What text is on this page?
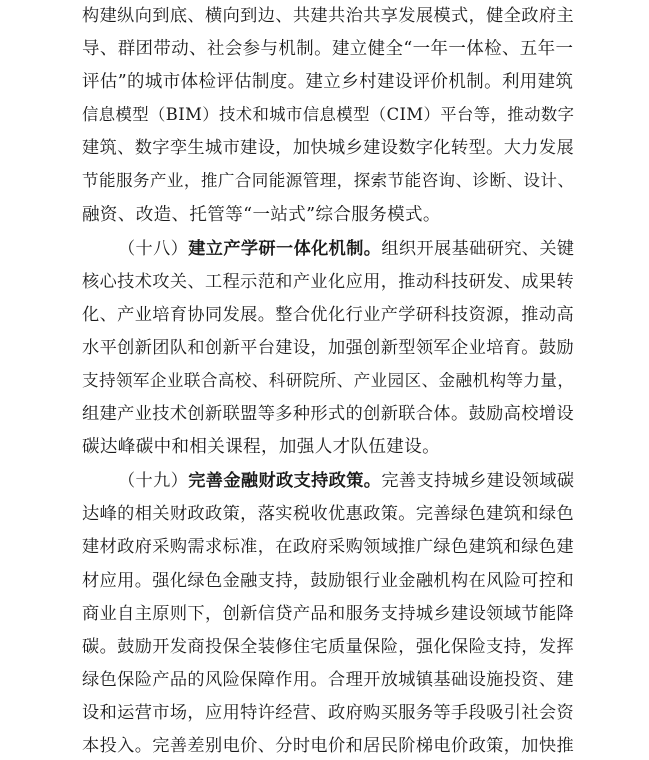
构建纵向到底、横向到边、共建共治共享发展模式，健全政府主
导、群团带动、社会参与机制。建立健全“一年一体检、五年一
评估”的城市体检评估制度。建立乡村建设评价机制。利用建筑
信息模型（BIM）技术和城市信息模型（CIM）平台等，推动数字
建筑、数字孪生城市建设，加快城乡建设数字化转型。大力发展
节能服务产业，推广合同能源管理，探索节能咨询、诊断、设计、
融资、改造、托管等“一站式”综合服务模式。
（十八）建立产学研一体化机制。组织开展基础研究、关键
核心技术攻关、工程示范和产业化应用，推动科技研发、成果转
化、产业培育协同发展。整合优化行业产学研科技资源，推动高
水平创新团队和创新平台建设，加强创新型领军企业培育。鼓励
支持领军企业联合高校、科研院所、产业园区、金融机构等力量，
组建产业技术创新联盟等多种形式的创新联合体。鼓励高校增设
碳达峰碳中和相关课程，加强人才队伍建设。
（十九）完善金融财政支持政策。完善支持城乡建设领域碳
达峰的相关财政政策，落实税收优惠政策。完善绿色建筑和绿色
建材政府采购需求标准，在政府采购领域推广绿色建筑和绿色建
材应用。强化绿色金融支持，鼓励银行业金融机构在风险可控和
商业自主原则下，创新信贷产品和服务支持城乡建设领域节能降
碳。鼓励开发商投保全装修住宅质量保险，强化保险支持，发挥
绿色保险产品的风险保障作用。合理开放城镇基础设施投资、建
设和运营市场，应用特许经营、政府购买服务等手段吸引社会资
本投入。完善差别电价、分时电价和居民阶梯电价政策，加快推
